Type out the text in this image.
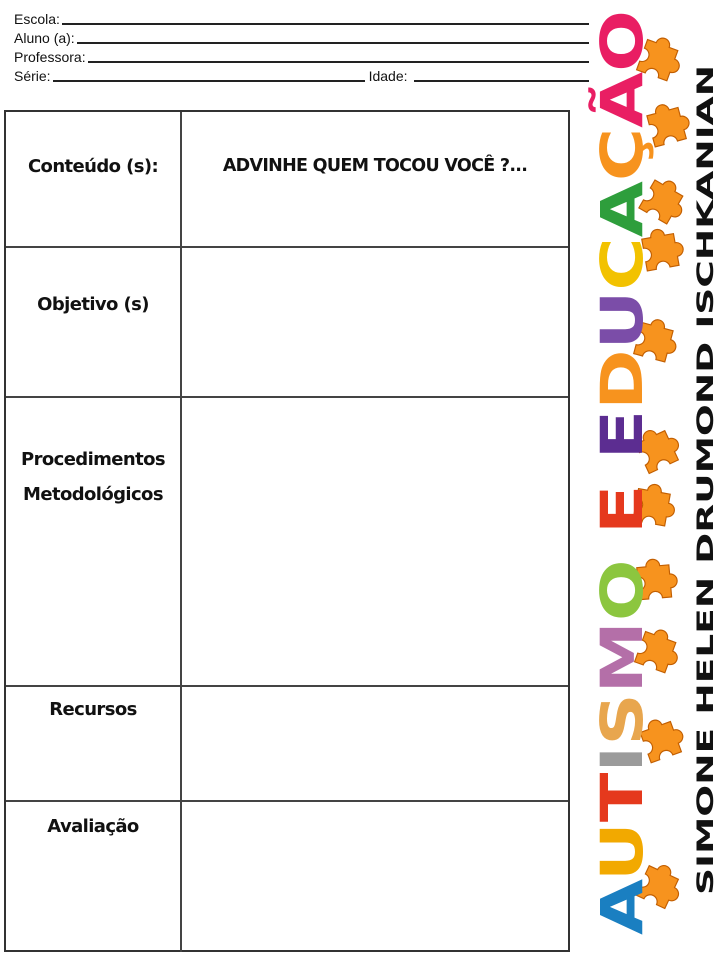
Escola:
Aluno (a):
Professora:
Série:	Idade:
Conteúdo (s):	ADVINHE QUEM TOCOU VOCÊ ?...
Objetivo (s)
Procedimentos
Metodológicos
Recursos
Avaliação
AUTISMO E EDUCAÇÃO
SIMONE HELEN DRUMOND ISCHKANIAN
